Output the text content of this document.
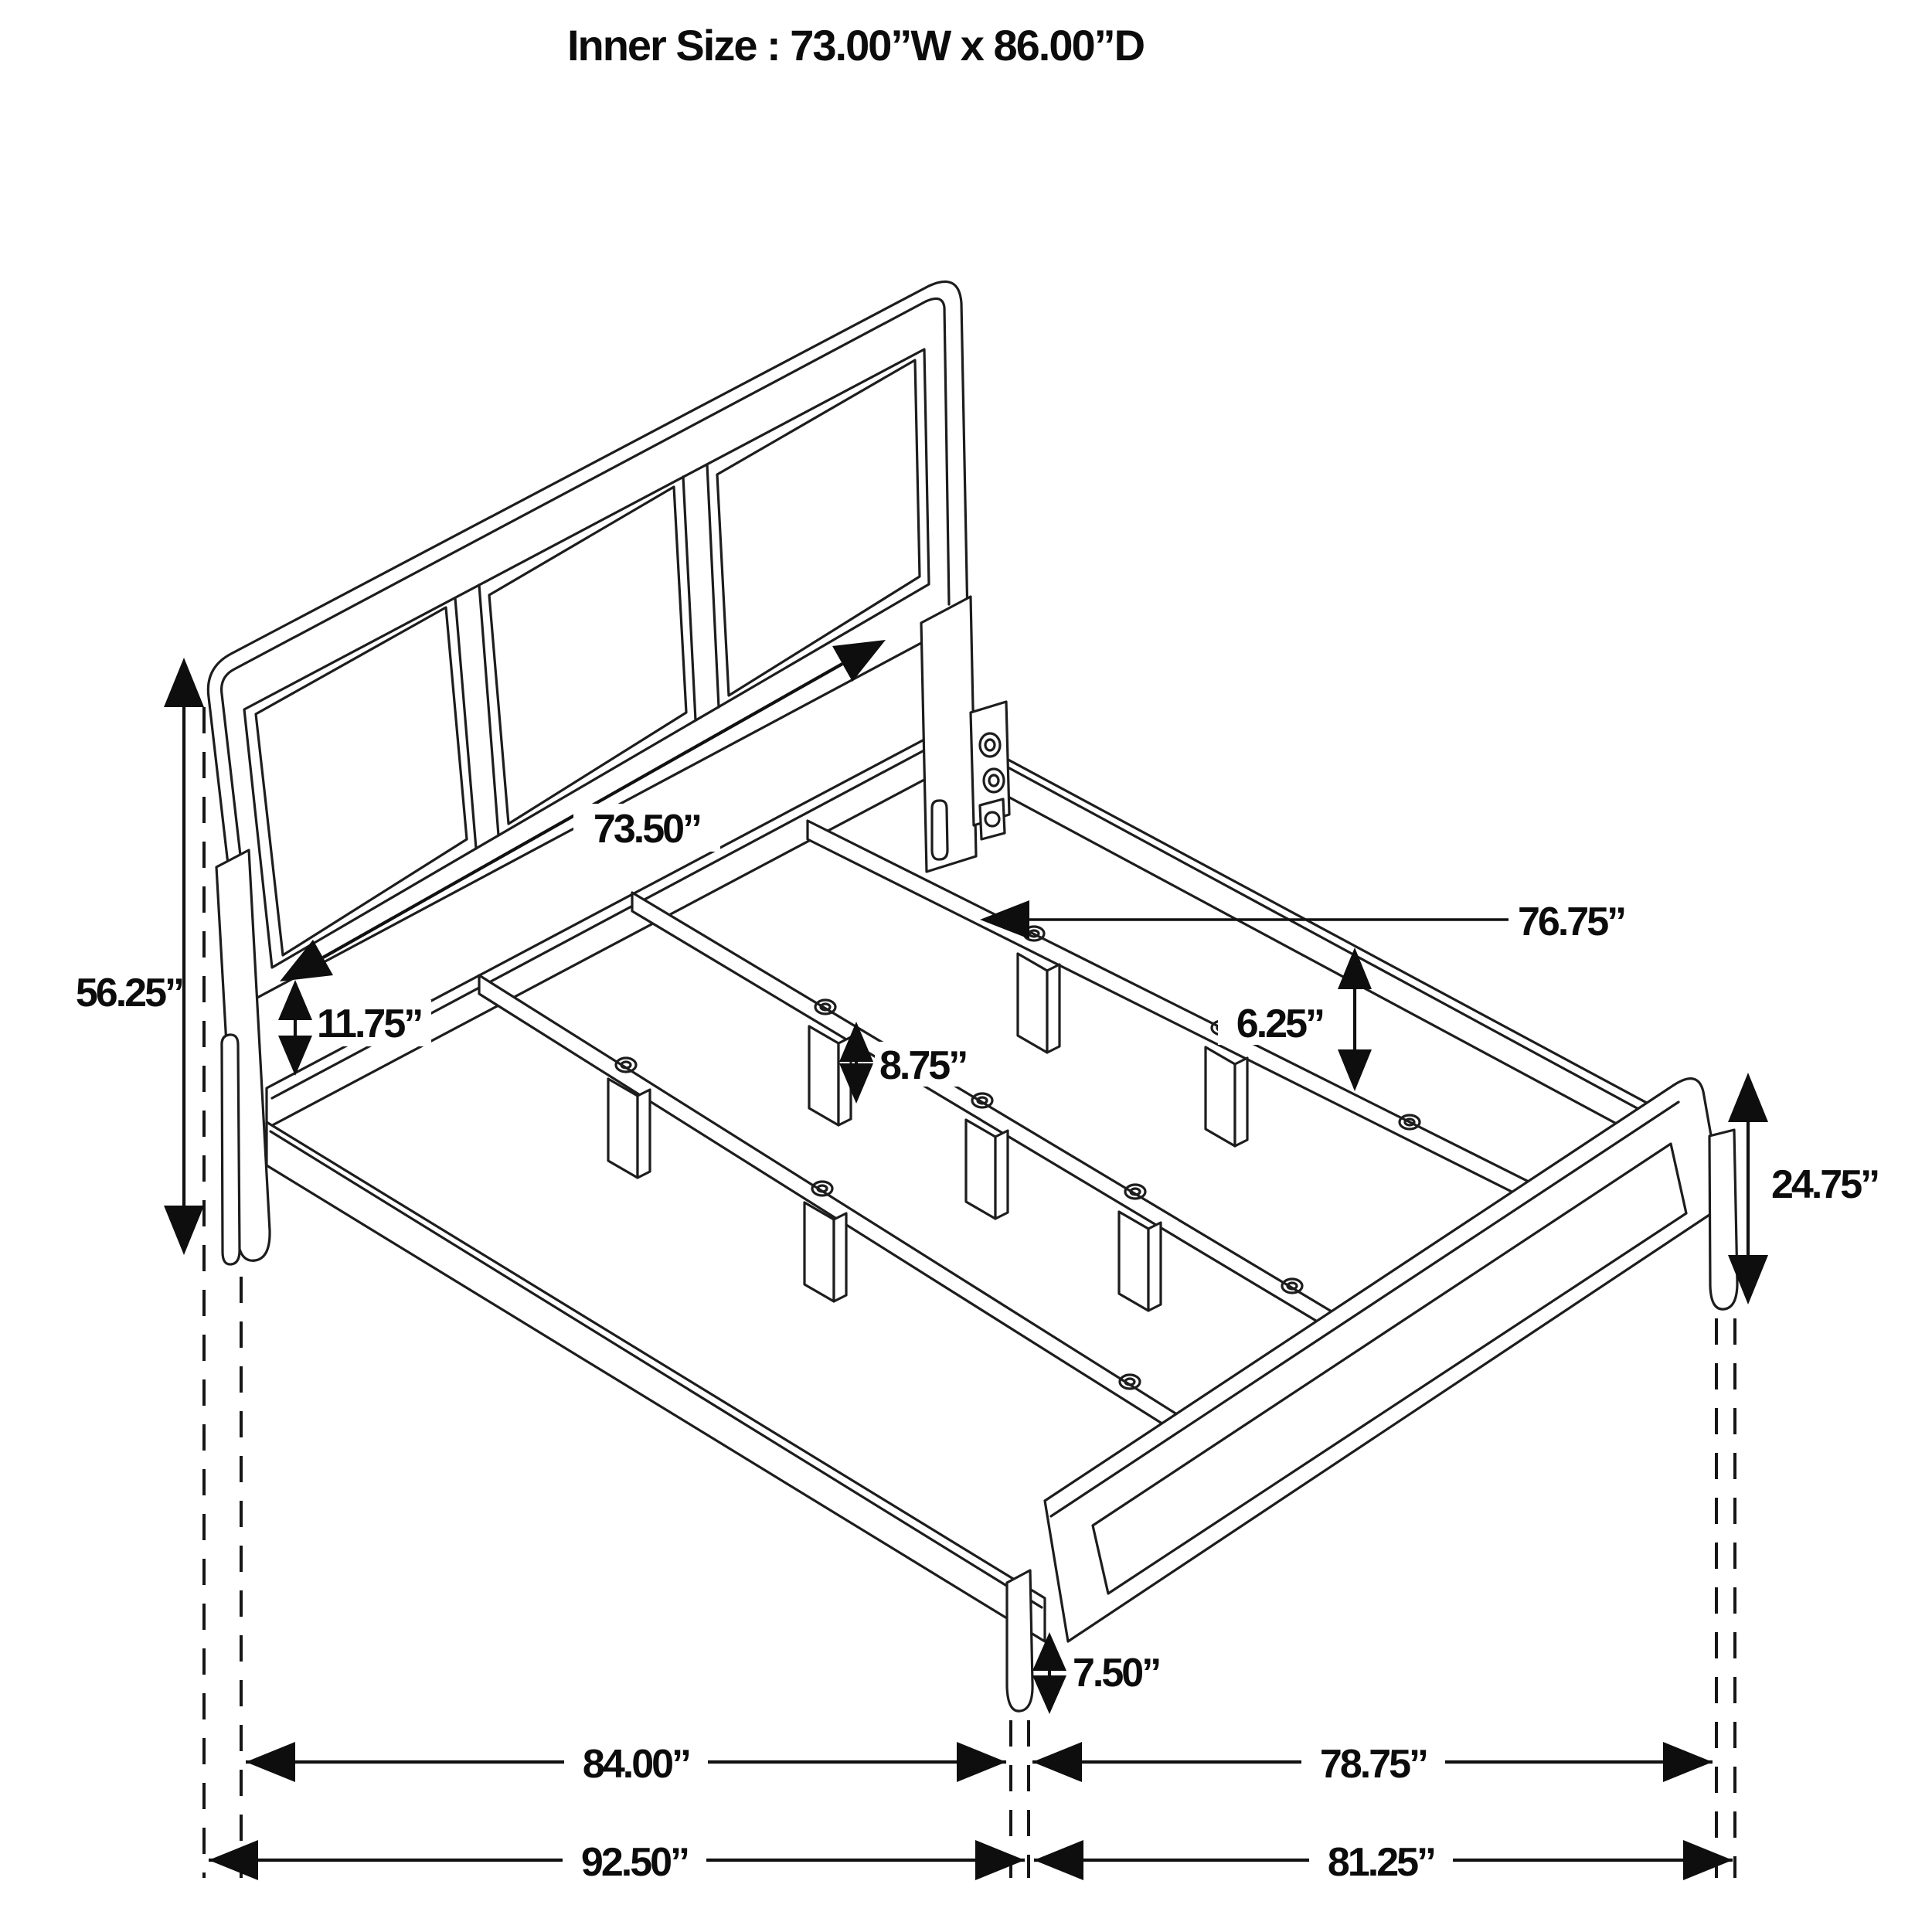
Inner Size : 73.00”W x 86.00”D
56.25”
73.50”
11.75”
8.75”
6.25”
76.75”
24.75”
7.50”
84.00”	78.75”
92.50”	81.25”
